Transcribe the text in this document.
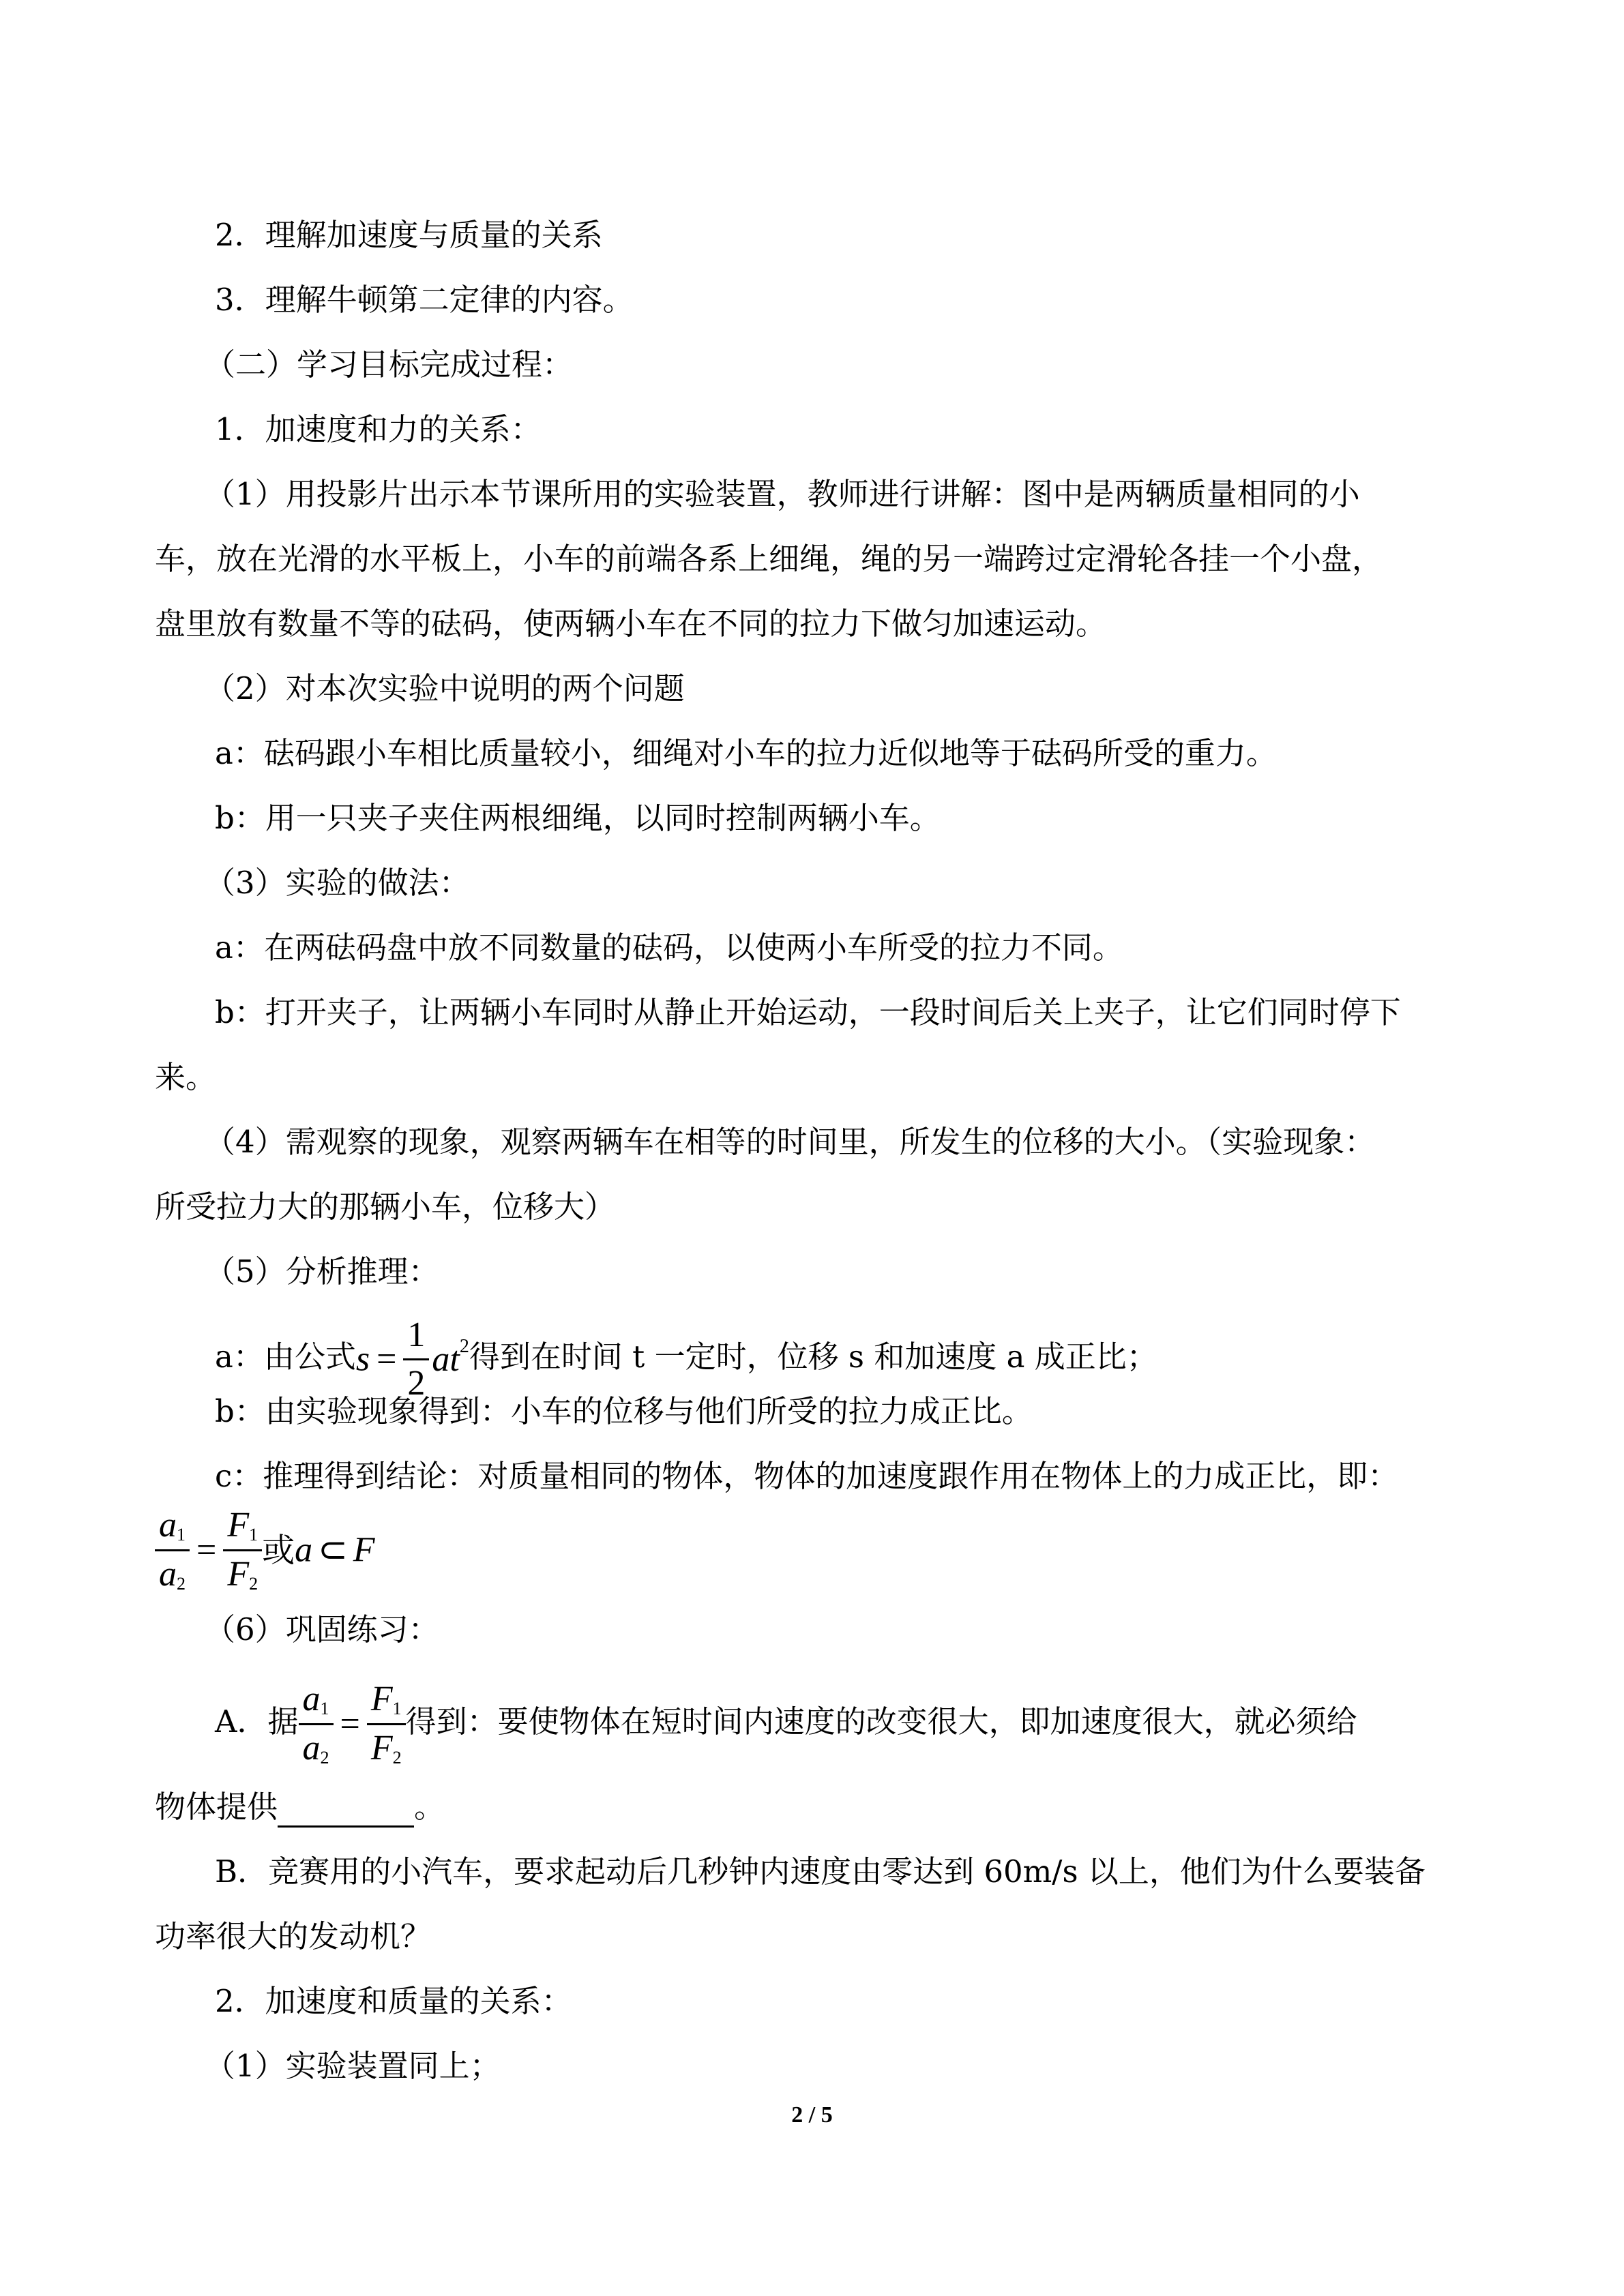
2．理解加速度与质量的关系

3．理解牛顿第二定律的内容。

（二）学习目标完成过程：

1．加速度和力的关系：

（1）用投影片出示本节课所用的实验装置，教师进行讲解：图中是两辆质量相同的小

车，放在光滑的水平板上，小车的前端各系上细绳，绳的另一端跨过定滑轮各挂一个小盘，

盘里放有数量不等的砝码，使两辆小车在不同的拉力下做匀加速运动。

（2）对本次实验中说明的两个问题

a：砝码跟小车相比质量较小，细绳对小车的拉力近似地等于砝码所受的重力。

b：用一只夹子夹住两根细绳，以同时控制两辆小车。

（3）实验的做法：

a：在两砝码盘中放不同数量的砝码，以使两小车所受的拉力不同。

b：打开夹子，让两辆小车同时从静止开始运动，一段时间后关上夹子，让它们同时停下

来。

（4）需观察的现象，观察两辆车在相等的时间里，所发生的位移的大小。（实验现象：

所受拉力大的那辆小车，位移大）

（5）分析推理：

a：由公式$s = \frac{1}{2} at^2$得到在时间 t 一定时，位移 s 和加速度 a 成正比；

b：由实验现象得到：小车的位移与他们所受的拉力成正比。

c：推理得到结论：对质量相同的物体，物体的加速度跟作用在物体上的力成正比，即：

$\frac{a_1}{a_2} = \frac{F_1}{F_2}$ 或a ⊂ F

（6）巩固练习：

A．据 $\frac{a_1}{a_2} = \frac{F_1}{F_2}$ 得到：要使物体在短时间内速度的改变很大，即加速度很大，就必须给
物体提供	。

B．竞赛用的小汽车，要求起动后几秒钟内速度由零达到 60m/s 以上，他们为什么要装备

功率很大的发动机？

2．加速度和质量的关系：

（1）实验装置同上；

2 / 5
